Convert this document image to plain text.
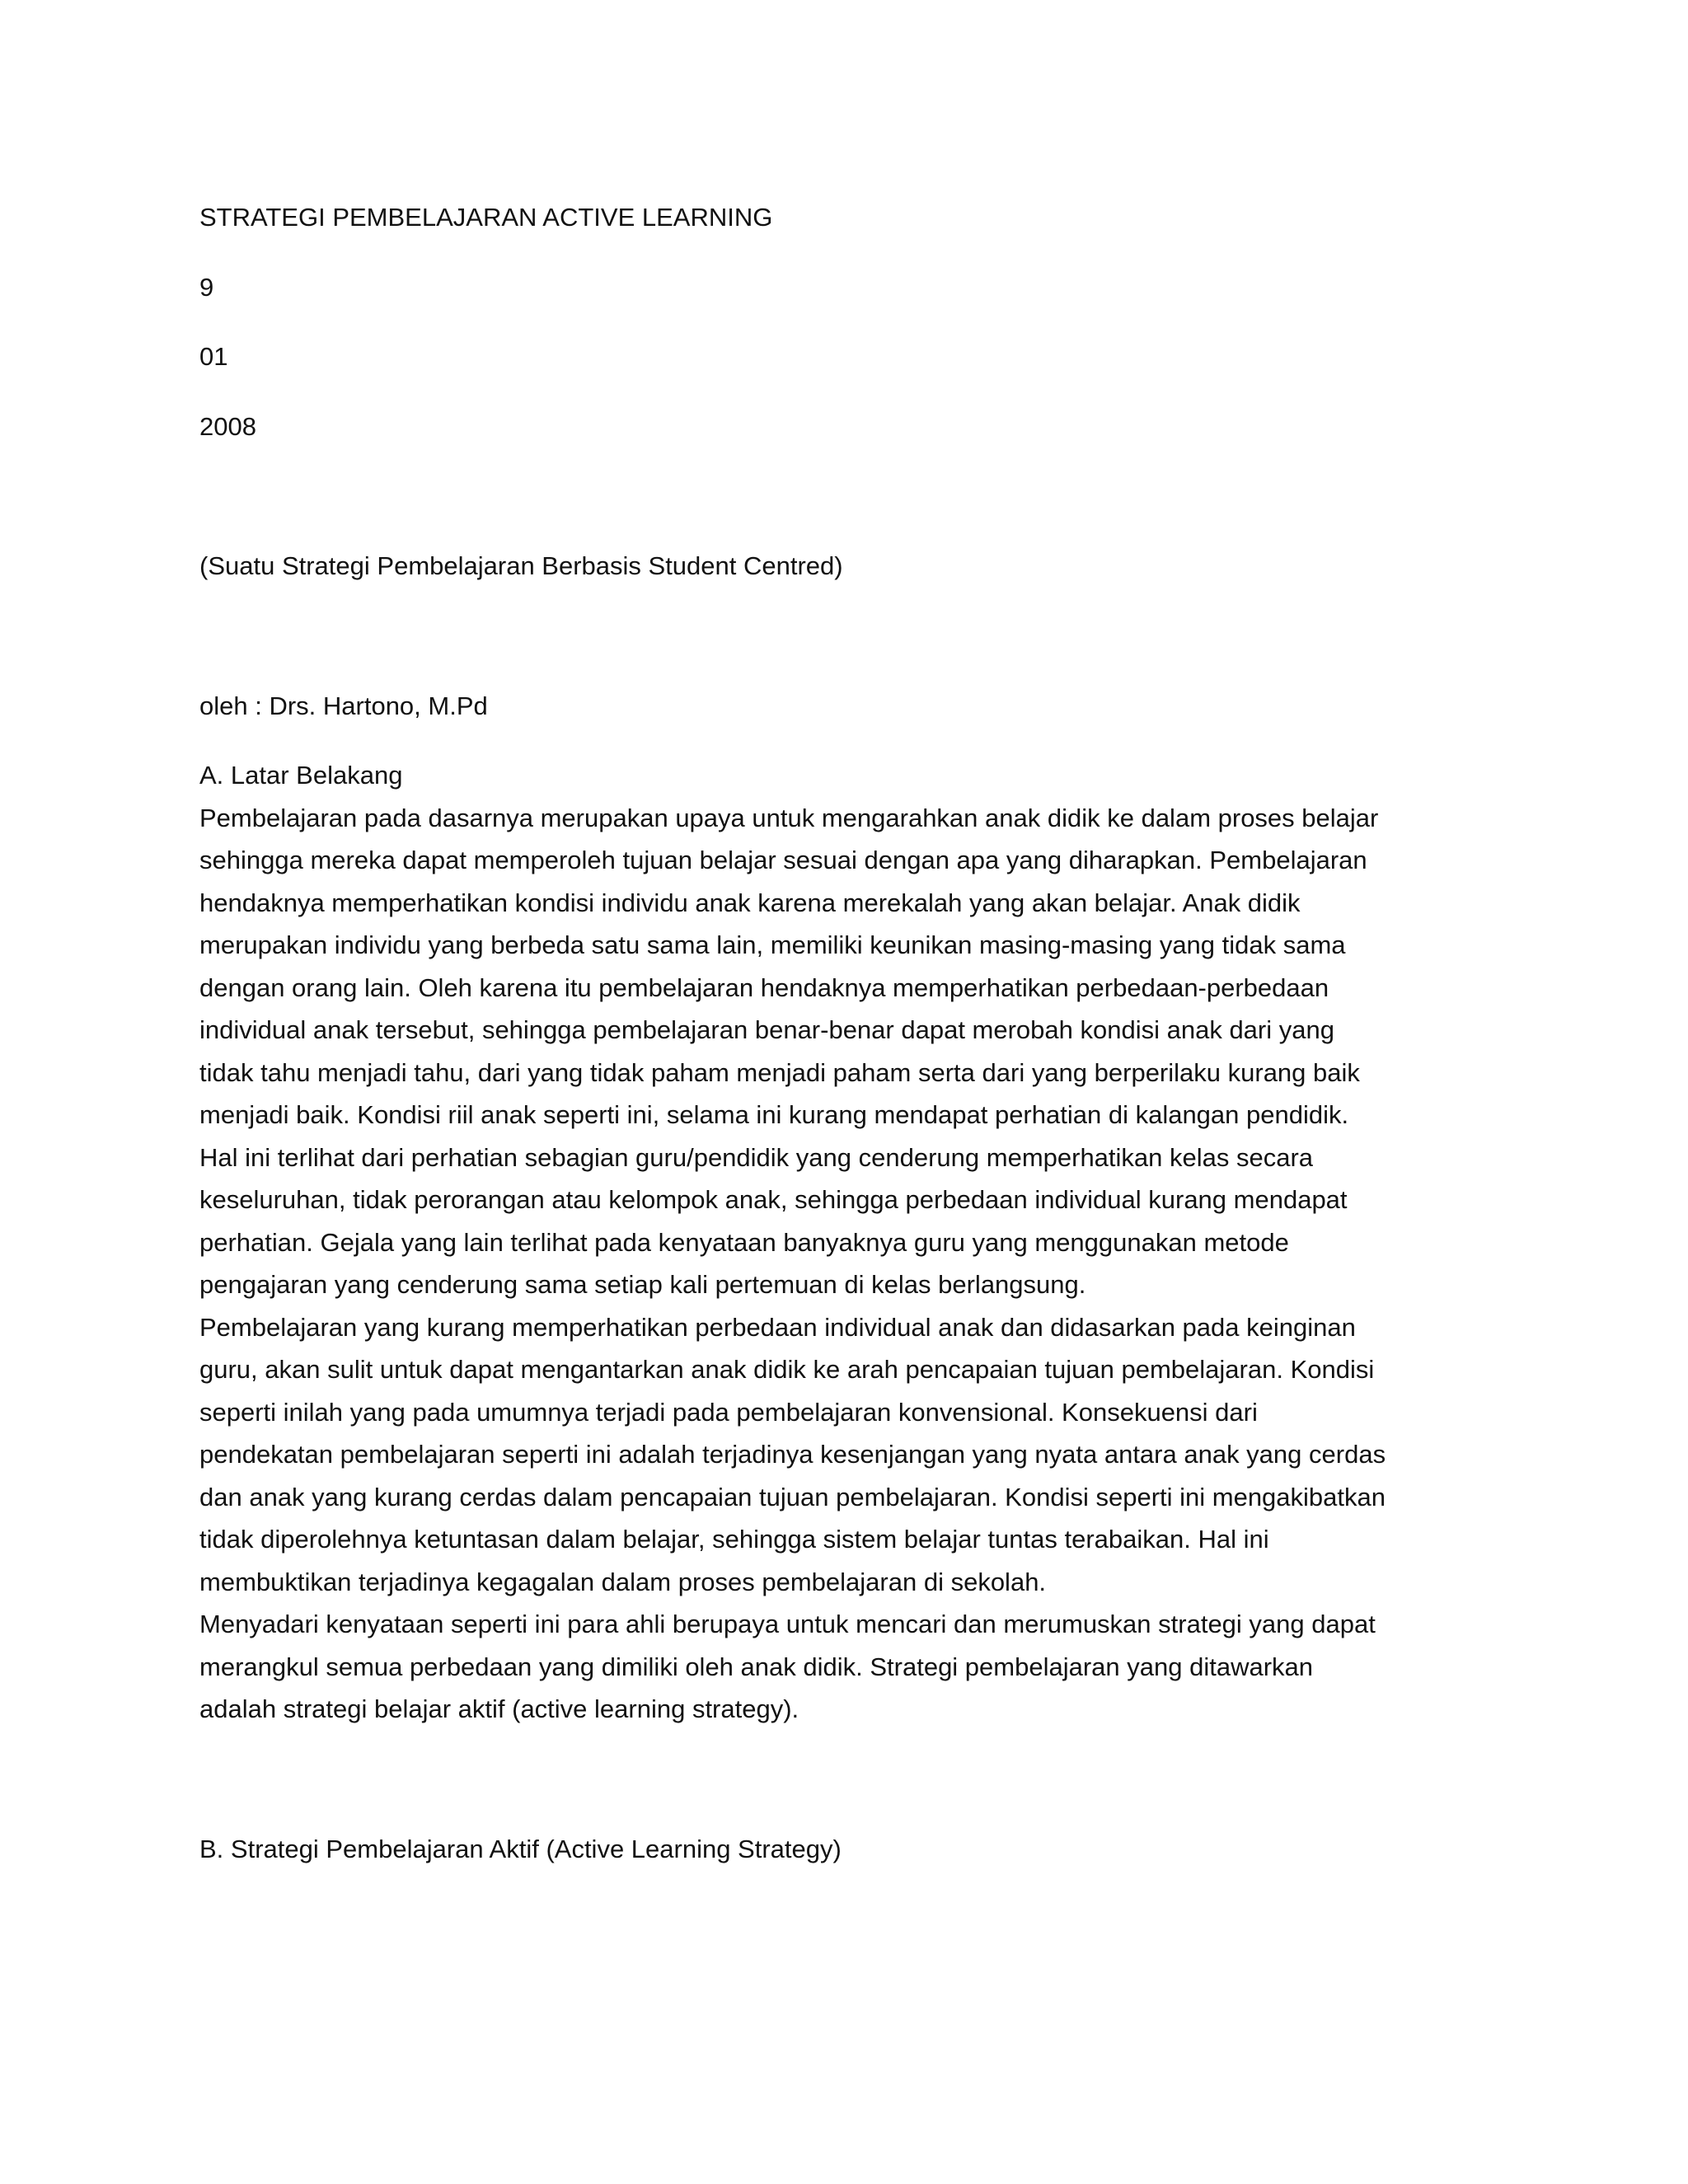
STRATEGI PEMBELAJARAN ACTIVE LEARNING

9

01

2008

(Suatu Strategi Pembelajaran Berbasis Student Centred)

oleh : Drs. Hartono, M.Pd

A. Latar Belakang

Pembelajaran pada dasarnya merupakan upaya untuk mengarahkan anak didik ke dalam proses belajar
sehingga mereka dapat memperoleh tujuan belajar sesuai dengan apa yang diharapkan. Pembelajaran
hendaknya memperhatikan kondisi individu anak karena merekalah yang akan belajar. Anak didik
merupakan individu yang berbeda satu sama lain, memiliki keunikan masing-masing yang tidak sama
dengan orang lain. Oleh karena itu pembelajaran hendaknya memperhatikan perbedaan-perbedaan
individual anak tersebut, sehingga pembelajaran benar-benar dapat merobah kondisi anak dari yang
tidak tahu menjadi tahu, dari yang tidak paham menjadi paham serta dari yang berperilaku kurang baik
menjadi baik. Kondisi riil anak seperti ini, selama ini kurang mendapat perhatian di kalangan pendidik.
Hal ini terlihat dari perhatian sebagian guru/pendidik yang cenderung memperhatikan kelas secara
keseluruhan, tidak perorangan atau kelompok anak, sehingga perbedaan individual kurang mendapat
perhatian. Gejala yang lain terlihat pada kenyataan banyaknya guru yang menggunakan metode
pengajaran yang cenderung sama setiap kali pertemuan di kelas berlangsung.
Pembelajaran yang kurang memperhatikan perbedaan individual anak dan didasarkan pada keinginan
guru, akan sulit untuk dapat mengantarkan anak didik ke arah pencapaian tujuan pembelajaran. Kondisi
seperti inilah yang pada umumnya terjadi pada pembelajaran konvensional. Konsekuensi dari
pendekatan pembelajaran seperti ini adalah terjadinya kesenjangan yang nyata antara anak yang cerdas
dan anak yang kurang cerdas dalam pencapaian tujuan pembelajaran. Kondisi seperti ini mengakibatkan
tidak diperolehnya ketuntasan dalam belajar, sehingga sistem belajar tuntas terabaikan. Hal ini
membuktikan terjadinya kegagalan dalam proses pembelajaran di sekolah.
Menyadari kenyataan seperti ini para ahli berupaya untuk mencari dan merumuskan strategi yang dapat
merangkul semua perbedaan yang dimiliki oleh anak didik. Strategi pembelajaran yang ditawarkan
adalah strategi belajar aktif (active learning strategy).

B. Strategi Pembelajaran Aktif (Active Learning Strategy)
